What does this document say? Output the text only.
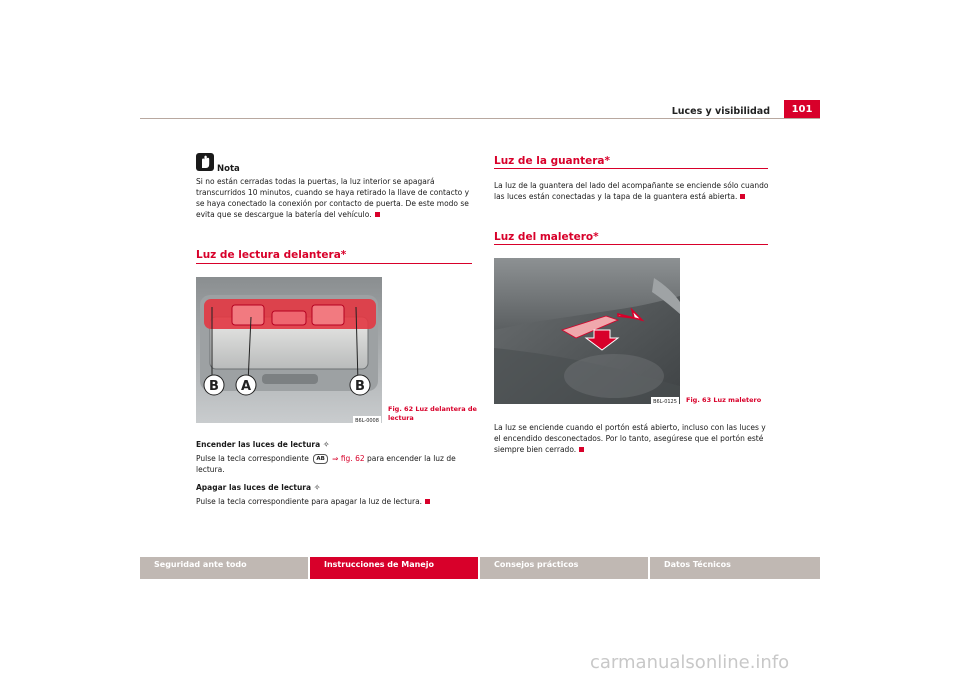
Luces y visibilidad	101
Nota
Si no están cerradas todas la puertas, la luz interior se apagará transcurridos 10 minutos, cuando se haya retirado la llave de contacto y se haya conectado la conexión por contacto de puerta. De este modo se evita que se descargue la batería del vehículo.
Luz de lectura delantera*
B A	B
B6L-0008
Fig. 62 Luz delantera de lectura
Encender las luces de lectura ✧
Pulse la tecla correspondiente AB ⇒ fig. 62 para encender la luz de lectura.
Apagar las luces de lectura ✧
Pulse la tecla correspondiente para apagar la luz de lectura.
Luz de la guantera*
La luz de la guantera del lado del acompañante se enciende sólo cuando las luces están conectadas y la tapa de la guantera está abierta.
Luz del maletero*
B6L-0125 Fig. 63 Luz maletero
La luz se enciende cuando el portón está abierto, incluso con las luces y el encendido desconectados. Por lo tanto, asegúrese que el portón esté siempre bien cerrado.
Seguridad ante todo	Instrucciones de Manejo	Consejos prácticos	Datos Técnicos
carmanualsonline.info
